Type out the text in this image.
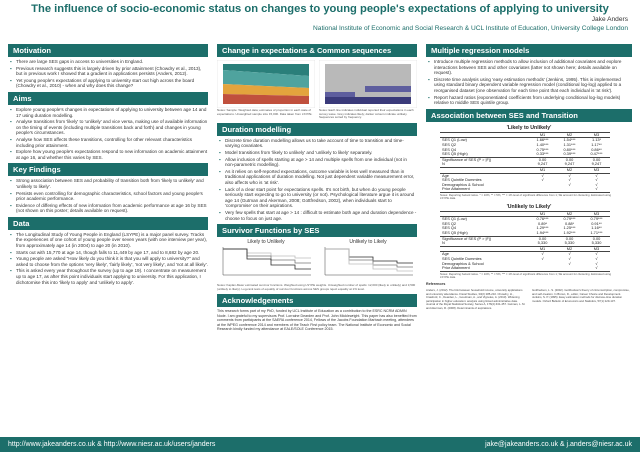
The influence of socio-economic status on changes to young people's expectations of applying to university
Jake Anders
National Institute of Economic and Social Research & UCL Institute of Education, University College London
Motivation
▪ There are large SES gaps in access to universities in England.
▪ Previous research suggests this is largely driven by prior attainment (Chowdry et al., 2013), but in previous work I showed that a gradient in applications persists (Anders, 2012).
▪ Yet young people's expectations of applying to university start out high across the board (Chowdry et al., 2010) - when and why does this change?
Aims
▪ Explore young people's changes in expectations of applying to university between age 14 and 17 using duration modelling.
▪ Analyse transitions from 'likely' to 'unlikely' and vice versa, making use of available information on the timing of events (including multiple transitions back and forth) and changes in young people's circumstances.
▪ Analyse how SES affects these transitions, controlling for other relevant characteristics including prior attainment.
▪ Explore how young people's expectations respond to new information on academic attainment at age 16, and whether this varies by SES.
Key Findings
▪ Strong association between SES and probability of transition both from 'likely to unlikely' and 'unlikely to likely'.
▪ Persists even controlling for demographic characteristics, school factors and young people's prior academic performance.
▪ Evidence of differing effects of new information from academic performance at age 16 by SES (not shown on this poster; details available on request).
Data
▪ The Longitudinal Study of Young People in England (LSYPE) is a major panel survey. Tracks the experiences of one cohort of young people over seven years (with one interview per year), from approximately age 14 (in 2004) to age 20 (in 2010).
▪ Starts out with 15,770 at age 14, though falls to 11,449 by age 17, and to 8,682 by age 20.
▪ Young people are asked "How likely do you think it is that you will apply to university?" and asked to choose from the options 'very likely', 'fairly likely', 'not very likely', and 'not at all likely'.
▪ This is asked every year throughout the survey (up to age 19). I concentrate on measurement up to age 17, as after this point individuals start applying to university. For this application, I dichotomise this into 'likely to apply' and 'unlikely to apply'.
Change in expectations & Common sequences
Notes: Sample: Weighted data; estimates of proportion in each state of expectations. Unweighted sample size 15,000. Data taken from LSYPE.
Notes: Each line indicates individual reported their expectations in each survey wave. Grey indicates likely; darker colours indicate unlikely. Sequences sorted by frequency.
Duration modelling
▪ Discrete time duration modelling allows us to take account of time to transition and time-varying covariates.
▪ Model transitions from 'likely to unlikely' and 'unlikely to likely' separately.
▪ Allow inclusion of spells starting at age > 14 and multiple spells from one individual (not in non-parametric modelling).
▪ As it relies on self-reported expectations, outcome variable is less well measured than in traditional applications of duration modelling. Not just dependent variable measurement error, also affects who is 'at risk'.
▪ Lack of a clear start point for expectations spells. It's not birth, but when do young people seriously start expecting to go to university (or not). Psychological literature argue it is around age 14 (Gutman and Akerman, 2008; Gottfredson, 2002), when individuals start to 'compromise' on their aspirations.
▪ Very few spells that start at age > 14 : difficult to estimate both age and duration dependence - choose to focus on just age.
Survivor Functions by SES
Likely to Unlikely	Unlikely to Likely
Notes: Kaplan-Meier estimated survivor functions. Weighted using LSYPE weights. Unweighted number of spells: 12,000 (likely to unlikely) and 3,500 (unlikely to likely). Log-rank tests of equality of survivor functions across SES groups reject equality at 1% level.
Acknowledgements
This research forms part of my PhD, funded by UCL Institute of Education as a contribution to the ESRC NCRM ADMIN Node. I am grateful to my supervisors Prof. Lorraine Dearden and Prof. John Micklewright. This paper has also benefited from comments from participants at the SAERA conference 2014, Fellows of the Jacobs Foundation Marbach meeting, attendees at the WPEG conference 2014 and members of the Teach First policy team. The National Institute of Economic and Social Research kindly funded my attendance at EALE/SOLE Conference 2015.
Multiple regression models
▪ Introduce multiple regression methods to allow inclusion of additional covariates and explore interactions between SES and other covariates (latter not shown here; details available on request).
▪ Discrete time analysis using 'easy estimation methods' (Jenkins, 1995). This is implemented using standard binary dependent variable regression model (conditional log-log) applied to a reorganised dataset (one observation for each time point that each individual is 'at risk').
▪ Report hazard ratios (exponentiated coefficients from underlying conditional log-log models) relative to middle SES quintile group.
Association between SES and Transition
'Likely to Unlikely'
	M1	M2	M3
SES Q1 (Low)	1.66***	1.54***	1.13*
SES Q2	1.40***	1.31***	1.17**
SES Q4	0.75***	0.80***	0.86**
SES Q5 (High)	0.33***	0.39***	0.47***
Significance of SES (P > |F|)	0.00	0.00	0.00
N	9,247	9,247	9,247
	M1	M2	M3
Age	√	√	√
SES Quintile Dummies	√	√	√
Demographics & School		√	√
Prior Attainment			√
Notes: Reporting hazard ratios. * = 10%; ** = 5%; *** = 1% level of significant difference from 1; SE account for clustering. Estimated using LSYPE data.
'Unlikely to Likely'
	M1	M2	M3
SES Q1 (Low)	0.76***	0.79***	0.79***
SES Q2	0.89*	0.88*	0.91**
SES Q4	1.29***	1.25***	1.16**
SES Q5 (High)	1.94***	1.92***	1.71***
Significance of SES (P > |F|)	0.00	0.00	0.00
N	5,330	5,330	5,330
	M1	M2	M3
Age	√	√	√
SES Quintile Dummies	√	√	√
Demographics & School		√	√
Prior Attainment			√
Notes: Reporting hazard ratios. * = 10%; ** = 5%; *** = 1% level of significant difference from 1; SE account for clustering. Estimated using LSYPE data.
References
Anders, J. (2012). The link between household income, university applications and university attendance. Fiscal Studies, 33(2):185-210. Chowdry, H., Crawford, C., Dearden, L., Goodman, A., and Vignoles, A. (2013). Widening participation in higher education: analysis using linked administrative data. Journal of the Royal Statistical Society, Series A, 176(2):431-457. Gutman, L. M. and Akerman, R. (2008). Determinants of aspirations.
Gottfredson, L. S. (2002). Gottfredson's theory of circumscription, compromise, and self-creation. In Brown, D., editor, Career Choice and Development. Jenkins, S. P. (1995). Easy estimation methods for discrete-time duration models. Oxford Bulletin of Economics and Statistics, 57(1):129-137.
http://www.jakeanders.co.uk & http://www.niesr.ac.uk/users/janders	jake@jakeanders.co.uk & j.anders@niesr.ac.uk
